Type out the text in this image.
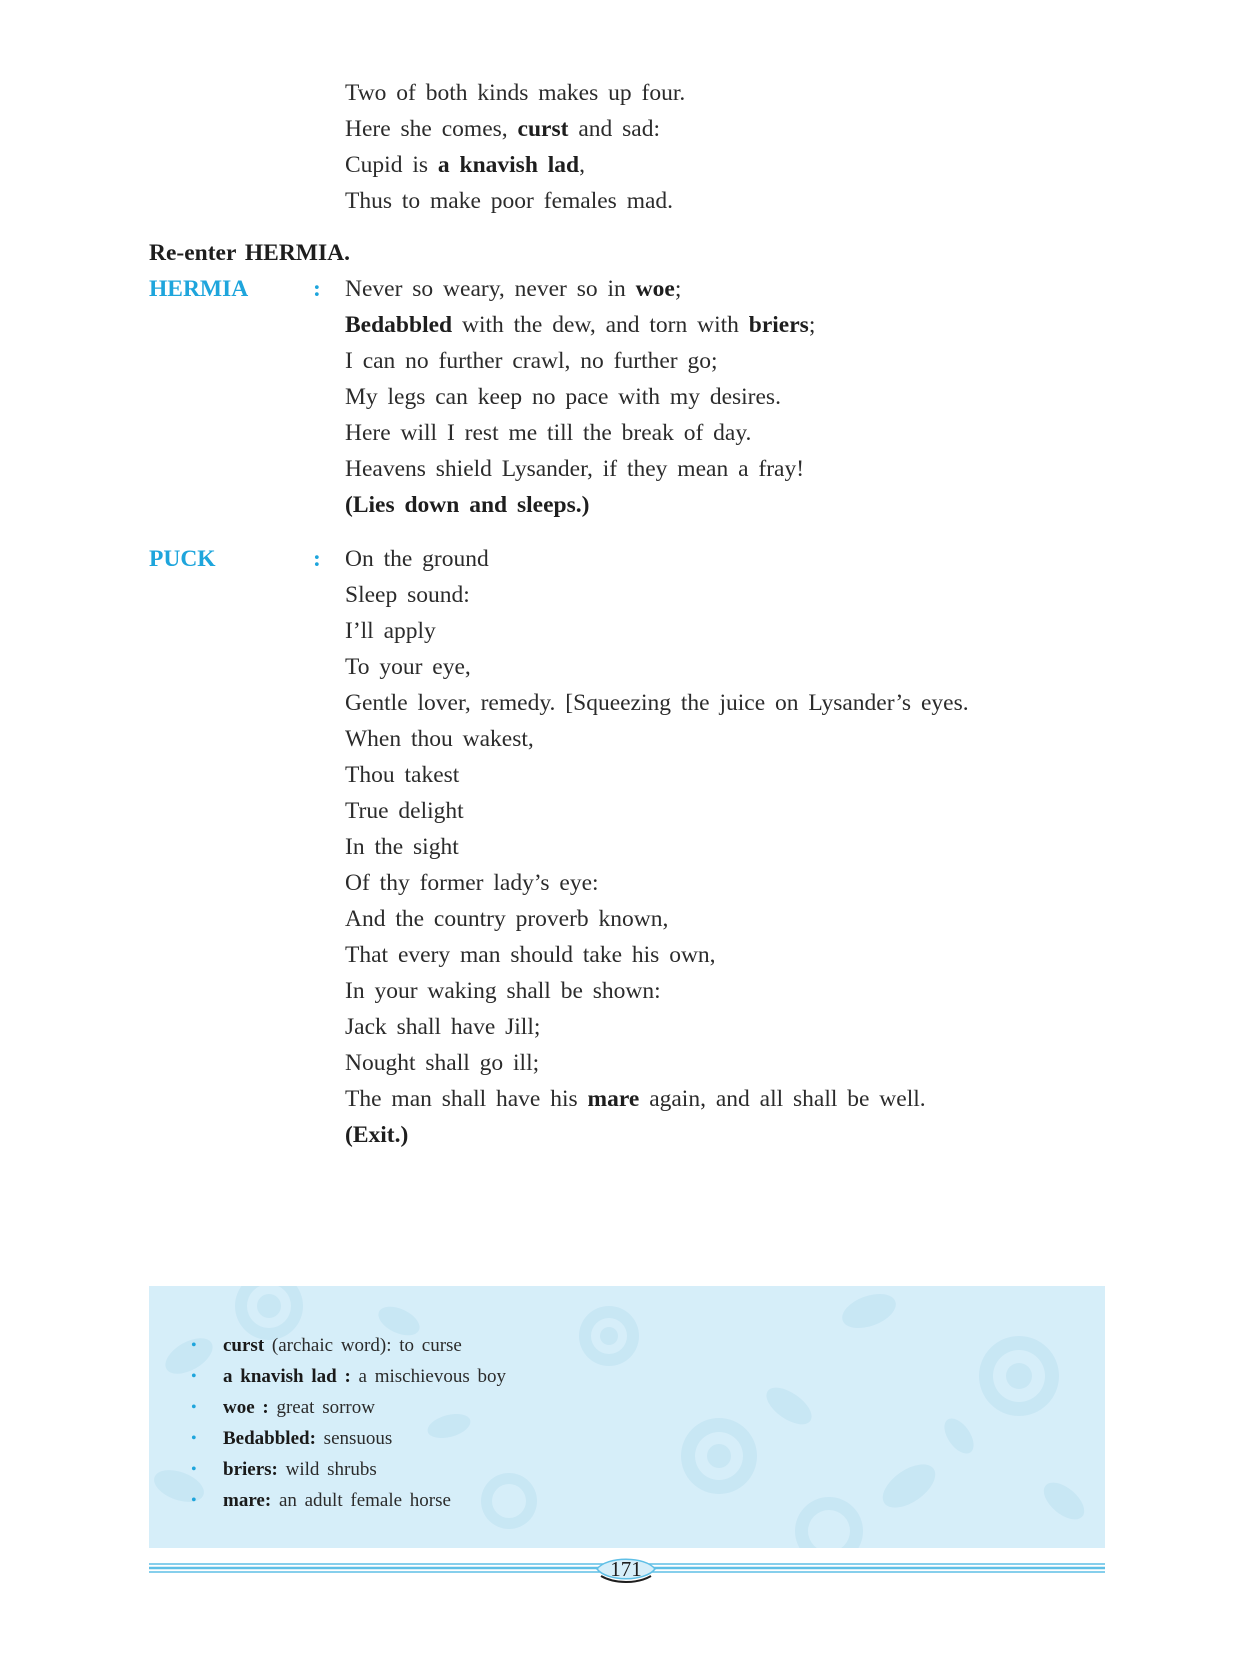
Two of both kinds makes up four.
Here she comes, curst and sad:
Cupid is a knavish lad,
Thus to make poor females mad.
Re-enter HERMIA.
HERMIA	: Never so weary, never so in woe;
Bedabbled with the dew, and torn with briers;
I can no further crawl, no further go;
My legs can keep no pace with my desires.
Here will I rest me till the break of day.
Heavens shield Lysander, if they mean a fray!
(Lies down and sleeps.)
PUCK	: On the ground
Sleep sound:
I’ll apply
To your eye,
Gentle lover, remedy. [Squeezing the juice on Lysander’s eyes.
When thou wakest,
Thou takest
True delight
In the sight
Of thy former lady’s eye:
And the country proverb known,
That every man should take his own,
In your waking shall be shown:
Jack shall have Jill;
Nought shall go ill;
The man shall have his mare again, and all shall be well.
(Exit.)
• curst (archaic word): to curse
• a knavish lad : a mischievous boy
• woe : great sorrow
• Bedabbled: sensuous
• briers: wild shrubs
• mare: an adult female horse
171
